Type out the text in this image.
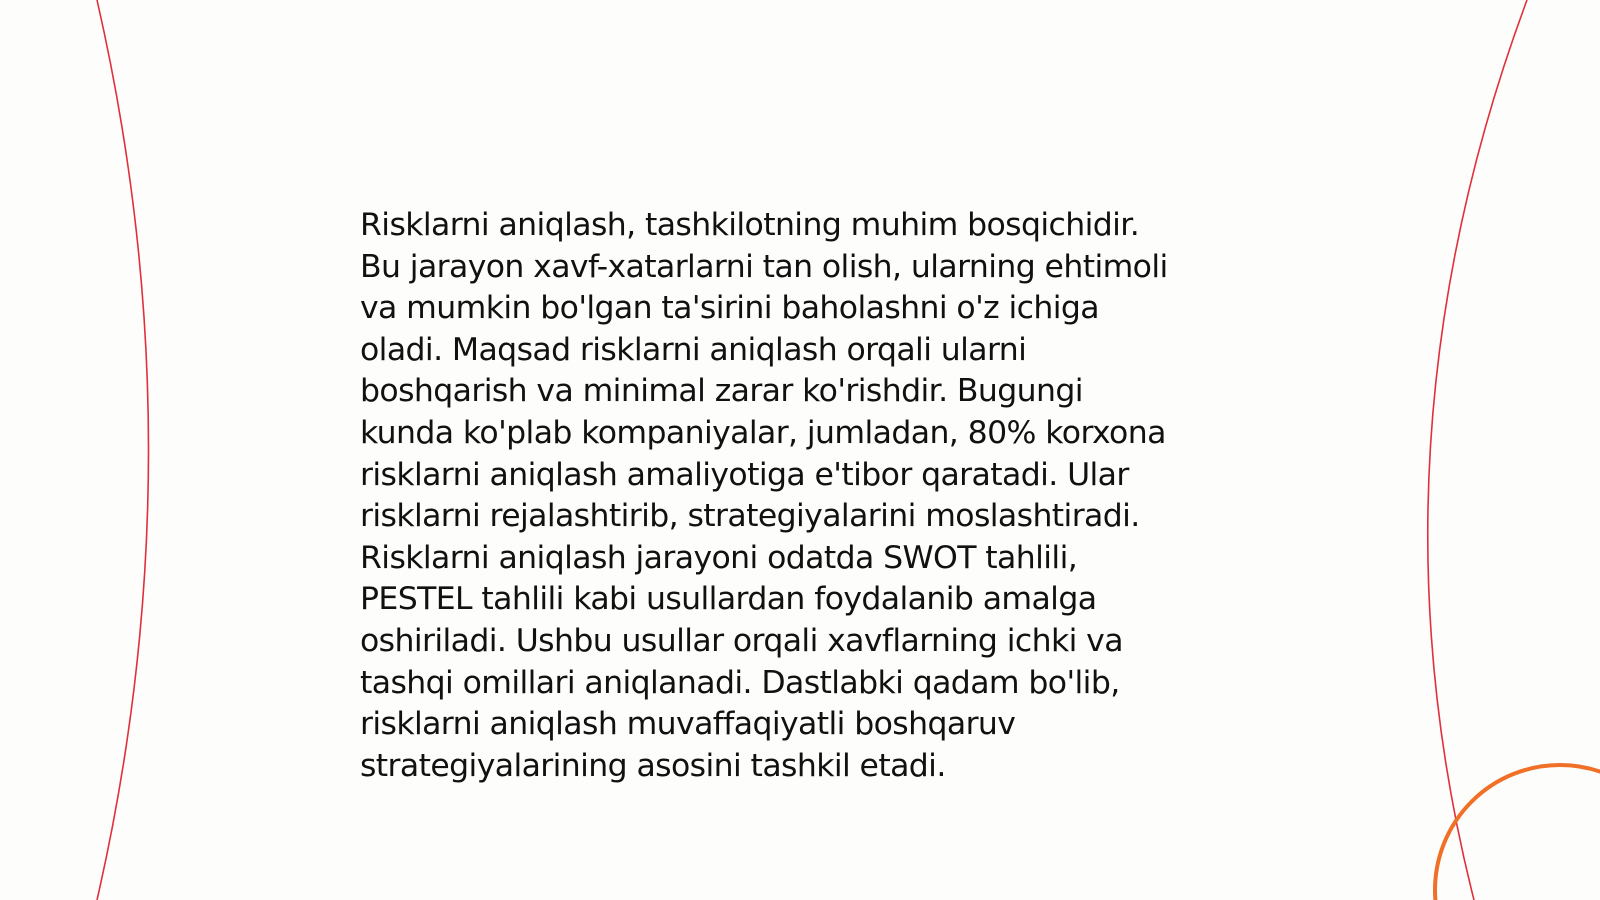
Risklarni aniqlash, tashkilotning muhim bosqichidir.
Bu jarayon xavf-xatarlarni tan olish, ularning ehtimoli
va mumkin bo'lgan ta'sirini baholashni o'z ichiga
oladi. Maqsad risklarni aniqlash orqali ularni
boshqarish va minimal zarar ko'rishdir. Bugungi
kunda ko'plab kompaniyalar, jumladan, 80% korxona
risklarni aniqlash amaliyotiga e'tibor qaratadi. Ular
risklarni rejalashtirib, strategiyalarini moslashtiradi.
Risklarni aniqlash jarayoni odatda SWOT tahlili,
PESTEL tahlili kabi usullardan foydalanib amalga
oshiriladi. Ushbu usullar orqali xavflarning ichki va
tashqi omillari aniqlanadi. Dastlabki qadam bo'lib,
risklarni aniqlash muvaffaqiyatli boshqaruv
strategiyalarining asosini tashkil etadi.
